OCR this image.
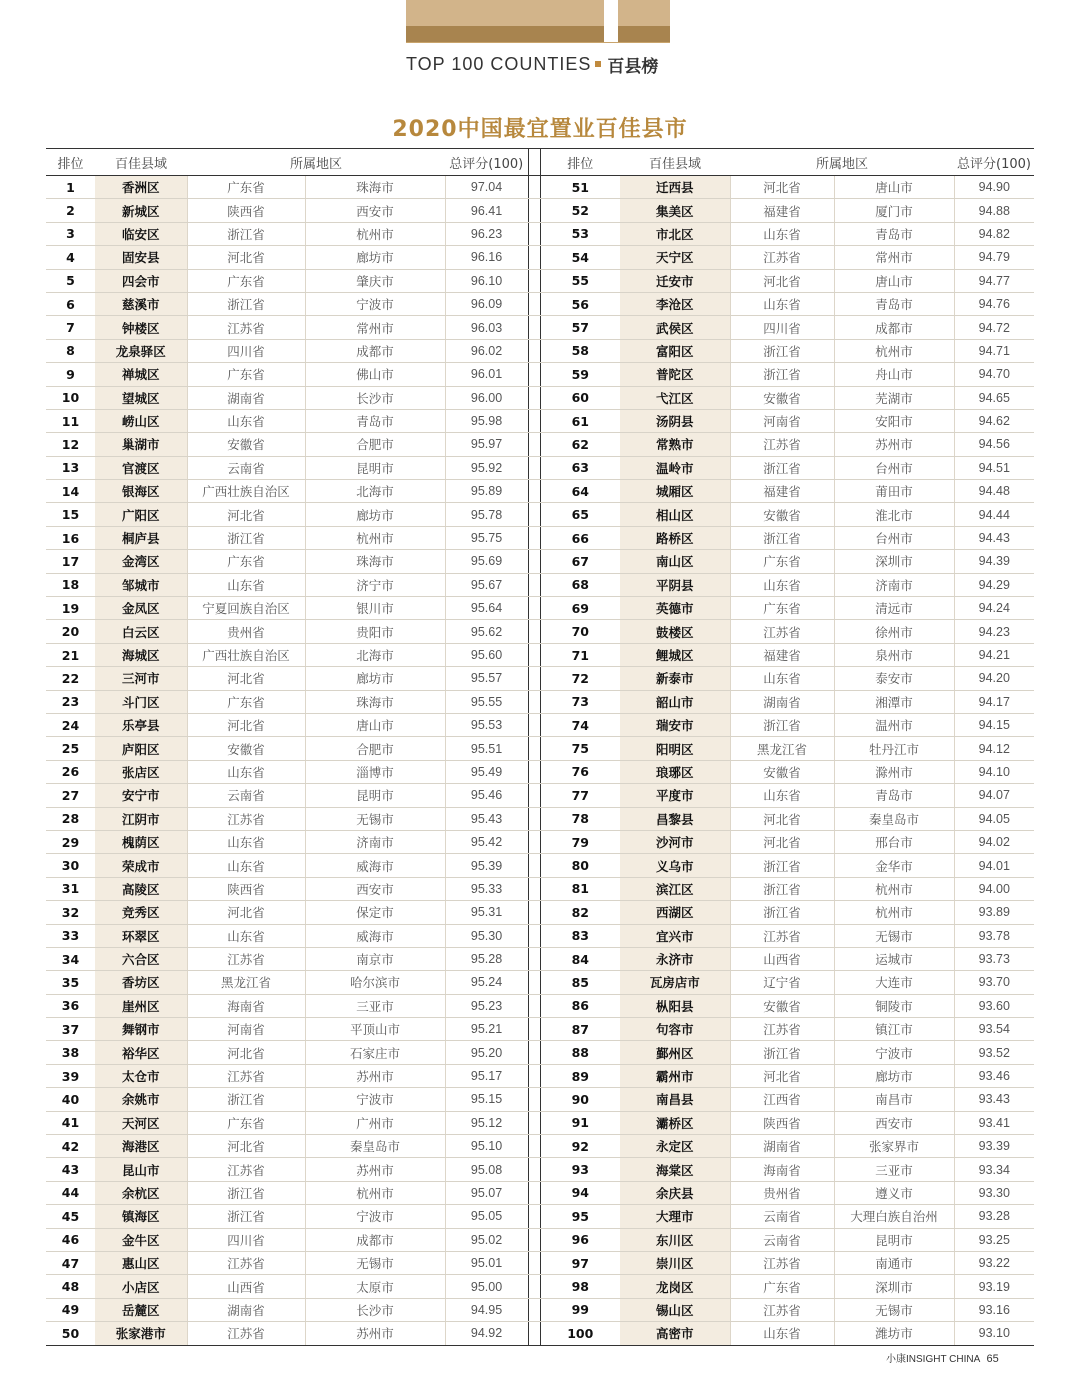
TOP 100 COUNTIES 百县榜
2020中国最宜置业百佳县市
排位	百佳县域	所属地区		总评分(100)		排位	百佳县域	所属地区		总评分(100)
1	香洲区	广东省	珠海市	97.04		51	迁西县	河北省	唐山市	94.90
2	新城区	陕西省	西安市	96.41		52	集美区	福建省	厦门市	94.88
3	临安区	浙江省	杭州市	96.23		53	市北区	山东省	青岛市	94.82
4	固安县	河北省	廊坊市	96.16		54	天宁区	江苏省	常州市	94.79
5	四会市	广东省	肇庆市	96.10		55	迁安市	河北省	唐山市	94.77
6	慈溪市	浙江省	宁波市	96.09		56	李沧区	山东省	青岛市	94.76
7	钟楼区	江苏省	常州市	96.03		57	武侯区	四川省	成都市	94.72
8	龙泉驿区	四川省	成都市	96.02		58	富阳区	浙江省	杭州市	94.71
9	禅城区	广东省	佛山市	96.01		59	普陀区	浙江省	舟山市	94.70
10	望城区	湖南省	长沙市	96.00		60	弋江区	安徽省	芜湖市	94.65
11	崂山区	山东省	青岛市	95.98		61	汤阴县	河南省	安阳市	94.62
12	巢湖市	安徽省	合肥市	95.97		62	常熟市	江苏省	苏州市	94.56
13	官渡区	云南省	昆明市	95.92		63	温岭市	浙江省	台州市	94.51
14	银海区	广西壮族自治区	北海市	95.89		64	城厢区	福建省	莆田市	94.48
15	广阳区	河北省	廊坊市	95.78		65	相山区	安徽省	淮北市	94.44
16	桐庐县	浙江省	杭州市	95.75		66	路桥区	浙江省	台州市	94.43
17	金湾区	广东省	珠海市	95.69		67	南山区	广东省	深圳市	94.39
18	邹城市	山东省	济宁市	95.67		68	平阴县	山东省	济南市	94.29
19	金凤区	宁夏回族自治区	银川市	95.64		69	英德市	广东省	清远市	94.24
20	白云区	贵州省	贵阳市	95.62		70	鼓楼区	江苏省	徐州市	94.23
21	海城区	广西壮族自治区	北海市	95.60		71	鲤城区	福建省	泉州市	94.21
22	三河市	河北省	廊坊市	95.57		72	新泰市	山东省	泰安市	94.20
23	斗门区	广东省	珠海市	95.55		73	韶山市	湖南省	湘潭市	94.17
24	乐亭县	河北省	唐山市	95.53		74	瑞安市	浙江省	温州市	94.15
25	庐阳区	安徽省	合肥市	95.51		75	阳明区	黑龙江省	牡丹江市	94.12
26	张店区	山东省	淄博市	95.49		76	琅琊区	安徽省	滁州市	94.10
27	安宁市	云南省	昆明市	95.46		77	平度市	山东省	青岛市	94.07
28	江阴市	江苏省	无锡市	95.43		78	昌黎县	河北省	秦皇岛市	94.05
29	槐荫区	山东省	济南市	95.42		79	沙河市	河北省	邢台市	94.02
30	荣成市	山东省	威海市	95.39		80	义乌市	浙江省	金华市	94.01
31	高陵区	陕西省	西安市	95.33		81	滨江区	浙江省	杭州市	94.00
32	竞秀区	河北省	保定市	95.31		82	西湖区	浙江省	杭州市	93.89
33	环翠区	山东省	威海市	95.30		83	宜兴市	江苏省	无锡市	93.78
34	六合区	江苏省	南京市	95.28		84	永济市	山西省	运城市	93.73
35	香坊区	黑龙江省	哈尔滨市	95.24		85	瓦房店市	辽宁省	大连市	93.70
36	崖州区	海南省	三亚市	95.23		86	枞阳县	安徽省	铜陵市	93.60
37	舞钢市	河南省	平顶山市	95.21		87	句容市	江苏省	镇江市	93.54
38	裕华区	河北省	石家庄市	95.20		88	鄞州区	浙江省	宁波市	93.52
39	太仓市	江苏省	苏州市	95.17		89	霸州市	河北省	廊坊市	93.46
40	余姚市	浙江省	宁波市	95.15		90	南昌县	江西省	南昌市	93.43
41	天河区	广东省	广州市	95.12		91	灞桥区	陕西省	西安市	93.41
42	海港区	河北省	秦皇岛市	95.10		92	永定区	湖南省	张家界市	93.39
43	昆山市	江苏省	苏州市	95.08		93	海棠区	海南省	三亚市	93.34
44	余杭区	浙江省	杭州市	95.07		94	余庆县	贵州省	遵义市	93.30
45	镇海区	浙江省	宁波市	95.05		95	大理市	云南省	大理白族自治州	93.28
46	金牛区	四川省	成都市	95.02		96	东川区	云南省	昆明市	93.25
47	惠山区	江苏省	无锡市	95.01		97	崇川区	江苏省	南通市	93.22
48	小店区	山西省	太原市	95.00		98	龙岗区	广东省	深圳市	93.19
49	岳麓区	湖南省	长沙市	94.95		99	锡山区	江苏省	无锡市	93.16
50	张家港市	江苏省	苏州市	94.92		100	高密市	山东省	潍坊市	93.10
小康INSIGHT CHINA 65
